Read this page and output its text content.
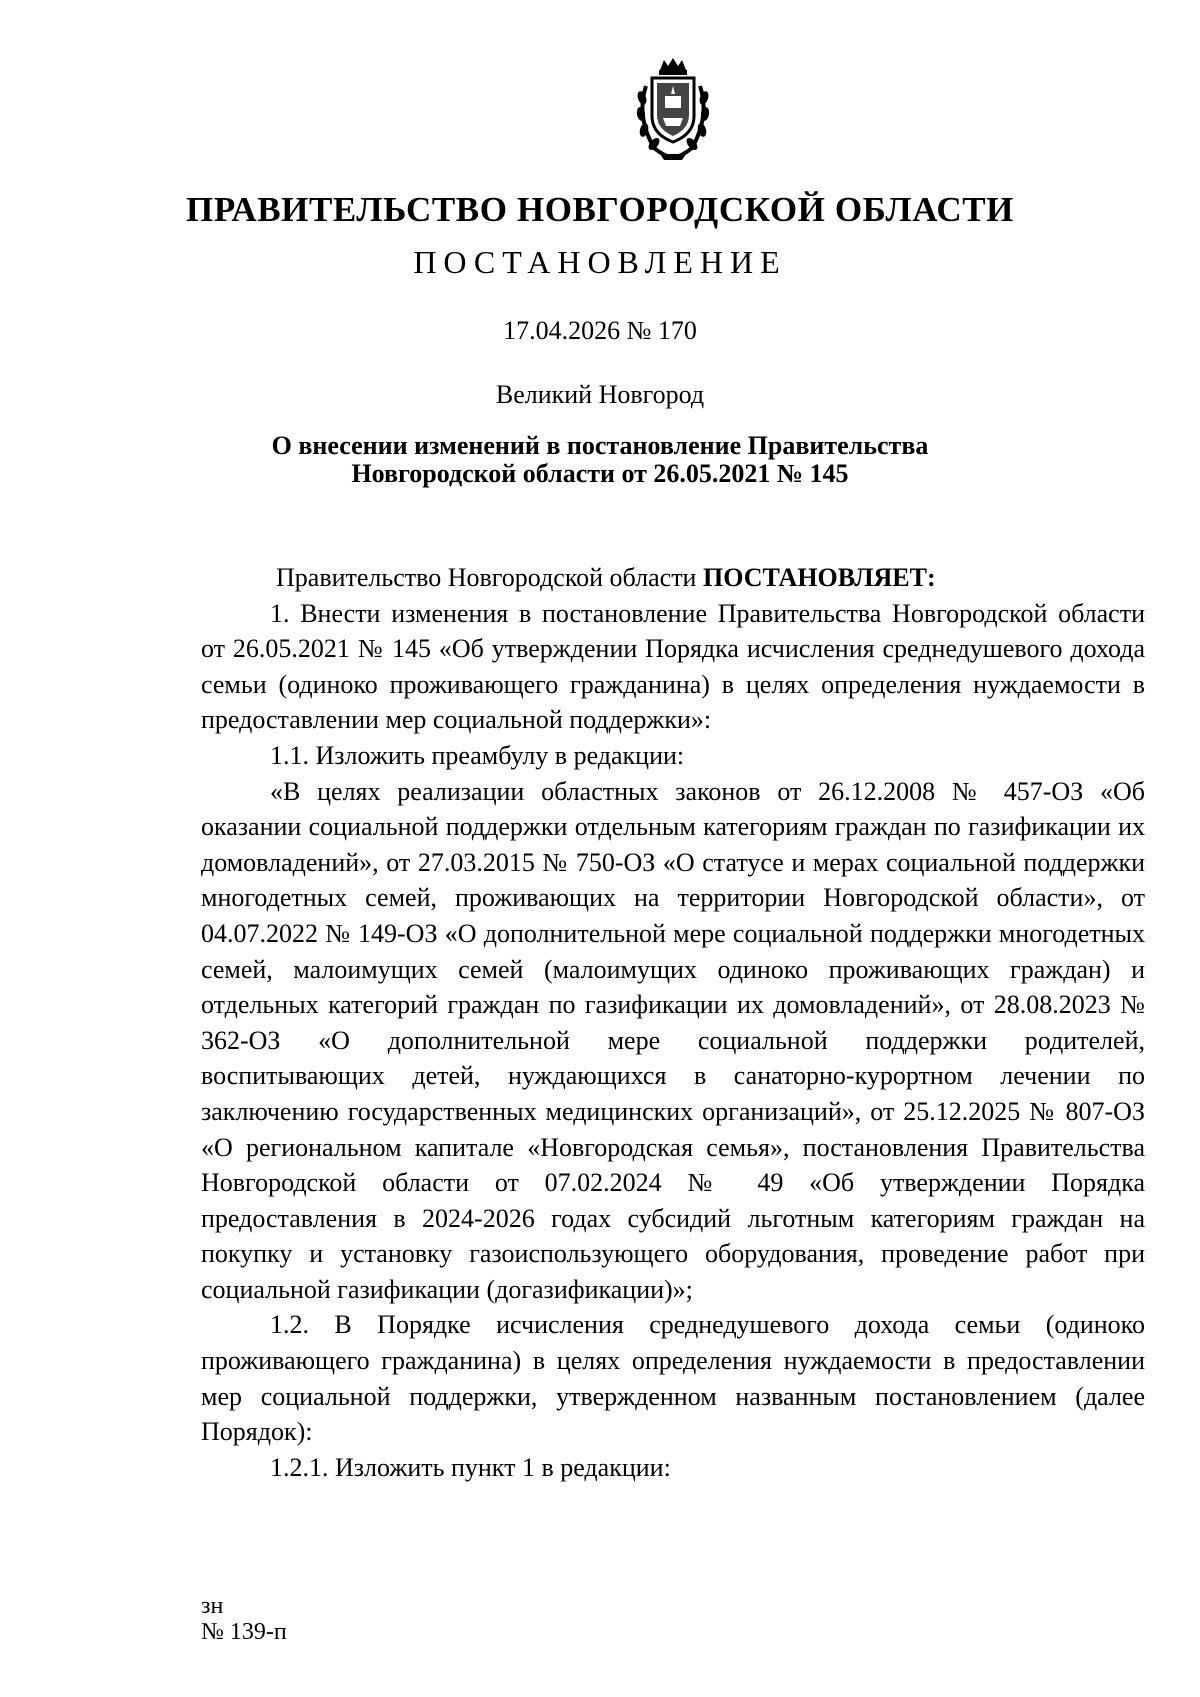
ПРАВИТЕЛЬСТВО НОВГОРОДСКОЙ ОБЛАСТИ
ПОСТАНОВЛЕНИЕ
17.04.2026 № 170
Великий Новгород
О внесении изменений в постановление Правительства
Новгородской области от 26.05.2021 № 145

Правительство Новгородской области ПОСТАНОВЛЯЕТ:

1. Внести изменения в постановление Правительства Новгородской области от 26.05.2021 № 145 «Об утверждении Порядка исчисления среднедушевого дохода семьи (одиноко проживающего гражданина) в целях определения нуждаемости в предоставлении мер социальной поддержки»:

1.1. Изложить преамбулу в редакции:

«В целях реализации областных законов от 26.12.2008 № 457-ОЗ «Об оказании социальной поддержки отдельным категориям граждан по газификации их домовладений», от 27.03.2015 № 750-ОЗ «О статусе и мерах социальной поддержки многодетных семей, проживающих на территории Новгородской области», от 04.07.2022 № 149-ОЗ «О дополнительной мере социальной поддержки многодетных семей, малоимущих семей (малоимущих одиноко проживающих граждан) и отдельных категорий граждан по газификации их домовладений», от 28.08.2023 № 362-ОЗ «О дополнительной мере социальной поддержки родителей, воспитывающих детей, нуждающихся в санаторно-курортном лечении по заключению государственных медицинских организаций», от 25.12.2025 № 807-ОЗ «О региональном капитале «Новгородская семья», постановления Правительства Новгородской области от 07.02.2024 № 49 «Об утверждении Порядка предоставления в 2024-2026 годах субсидий льготным категориям граждан на покупку и установку газоиспользующего оборудования, проведение работ при социальной газификации (догазификации)»;

1.2. В Порядке исчисления среднедушевого дохода семьи (одиноко проживающего гражданина) в целях определения нуждаемости в предоставлении мер социальной поддержки, утвержденном названным постановлением (далее Порядок):

1.2.1. Изложить пункт 1 в редакции:

зн
№ 139-п
